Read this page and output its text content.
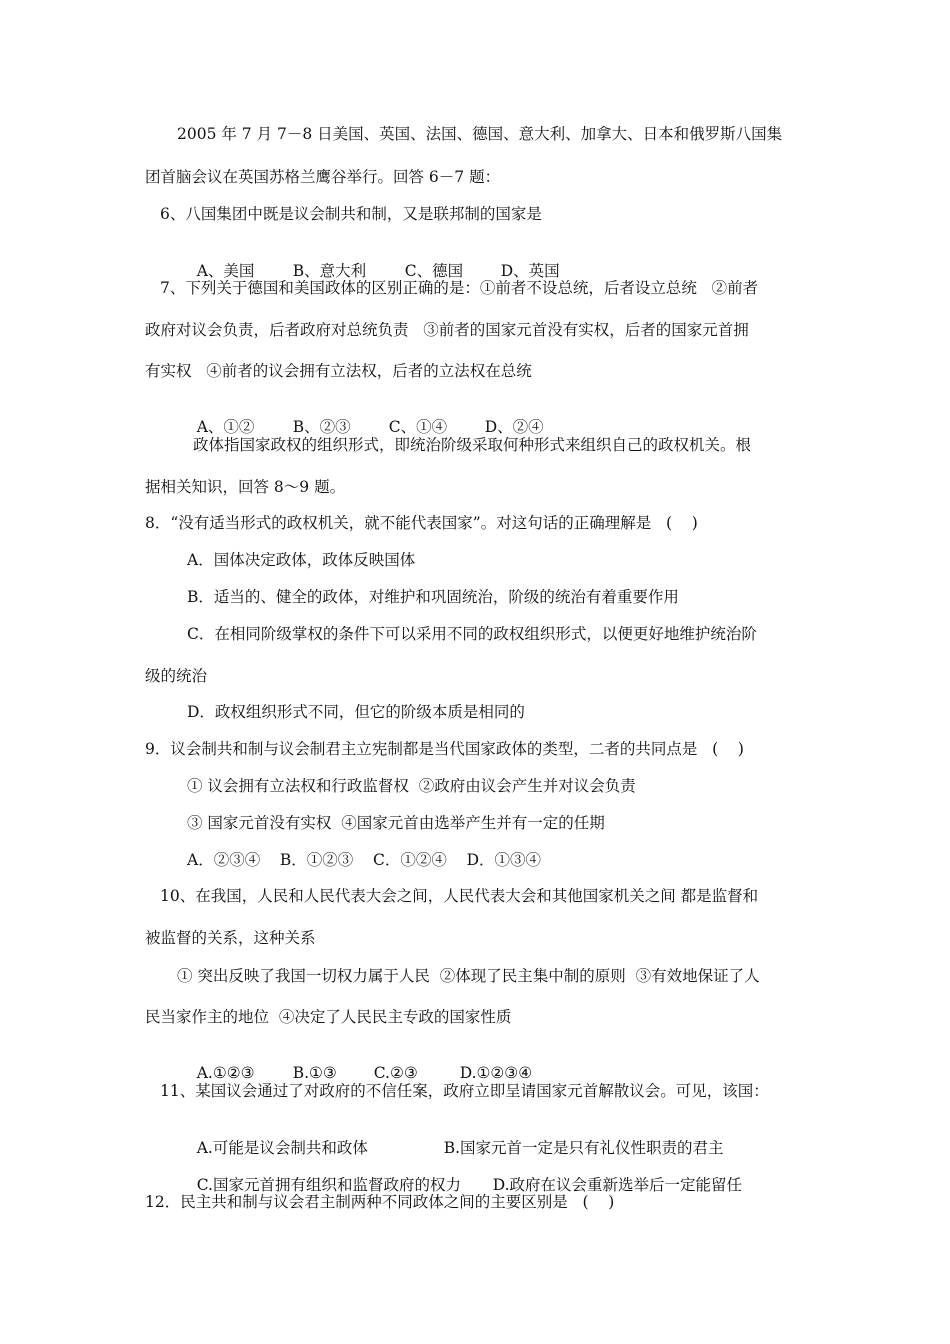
2005 年 7 月 7－8 日美国、英国、法国、德国、意大利、加拿大、日本和俄罗斯八国集
团首脑会议在英国苏格兰鹰谷举行。回答 6－7 题：
6、八国集团中既是议会制共和制，又是联邦制的国家是

A、美国 B、意大利 C、德国 D、英国

7、下列关于德国和美国政体的区别正确的是：①前者不设总统，后者设立总统   ②前者
政府对议会负责，后者政府对总统负责   ③前者的国家元首没有实权，后者的国家元首拥
有实权   ④前者的议会拥有立法权，后者的立法权在总统

A、①② B、②③ C、①④ D、②④

政体指国家政权的组织形式，即统治阶级采取何种形式来组织自己的政权机关。根
据相关知识，回答 8～9 题。
8．“没有适当形式的政权机关，就不能代表国家”。对这句话的正确理解是   (    )
A．国体决定政体，政体反映国体
B．适当的、健全的政体，对维护和巩固统治，阶级的统治有着重要作用
C．在相同阶级掌权的条件下可以采用不同的政权组织形式，以便更好地维护统治阶
级的统治
D．政权组织形式不同，但它的阶级本质是相同的
9．议会制共和制与议会制君主立宪制都是当代国家政体的类型，二者的共同点是   (    )
① 议会拥有立法权和行政监督权  ②政府由议会产生并对议会负责
③ 国家元首没有实权  ④国家元首由选举产生并有一定的任期
A．②③④    B．①②③    C．①②④    D．①③④
10、在我国，人民和人民代表大会之间，人民代表大会和其他国家机关之间 都是监督和
被监督的关系，这种关系
① 突出反映了我国一切权力属于人民  ②体现了民主集中制的原则  ③有效地保证了人
民当家作主的地位  ④决定了人民民主专政的国家性质

A.①②③ B.①③ C.②③	D.①②③④

11、某国议会通过了对政府的不信任案，政府立即呈请国家元首解散议会。可见，该国：

A.可能是议会制共和政体	B.国家元首一定是只有礼仪性职责的君主

C.国家元首拥有组织和监督政府的权力 D.政府在议会重新选举后一定能留任

12．民主共和制与议会君主制两种不同政体之间的主要区别是   (    )
